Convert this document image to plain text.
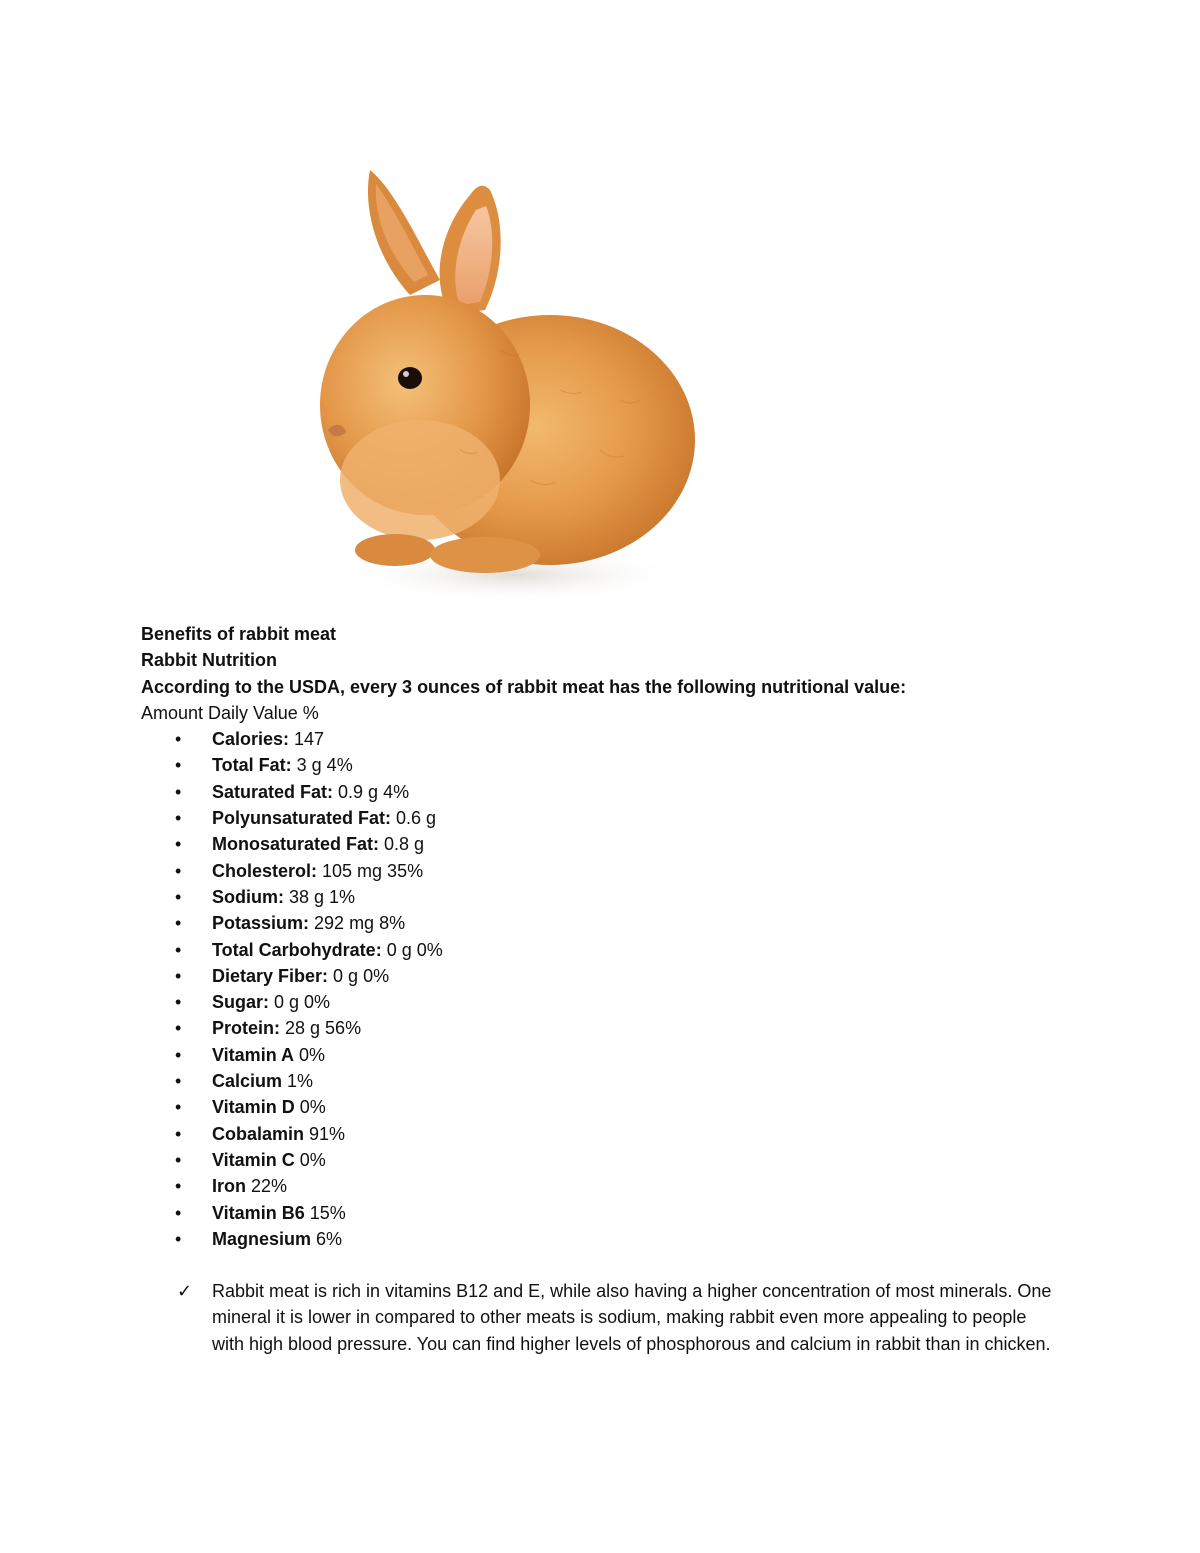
Benefits of rabbit meat
Rabbit Nutrition
According to the USDA, every 3 ounces of rabbit meat has the following nutritional value:
Amount Daily Value %
• Calories: 147
• Total Fat: 3 g 4%
• Saturated Fat: 0.9 g 4%
• Polyunsaturated Fat: 0.6 g
• Monosaturated Fat: 0.8 g
• Cholesterol: 105 mg 35%
• Sodium: 38 g 1%
• Potassium: 292 mg 8%
• Total Carbohydrate: 0 g 0%
• Dietary Fiber: 0 g 0%
• Sugar: 0 g 0%
• Protein: 28 g 56%
• Vitamin A 0%
• Calcium 1%
• Vitamin D 0%
• Cobalamin 91%
• Vitamin C 0%
• Iron 22%
• Vitamin B6 15%
• Magnesium 6%
✓ Rabbit meat is rich in vitamins B12 and E, while also having a higher concentration of most minerals. One mineral it is lower in compared to other meats is sodium, making rabbit even more appealing to people with high blood pressure. You can find higher levels of phosphorous and calcium in rabbit than in chicken.
